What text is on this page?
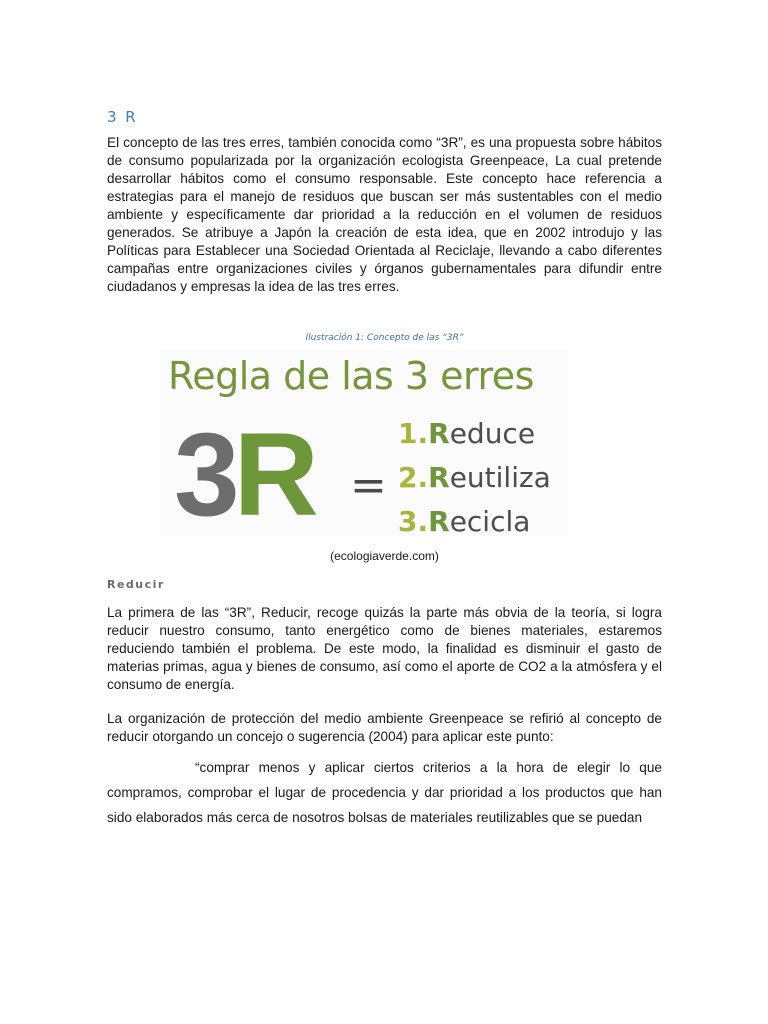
3 R

El concepto de las tres erres, también conocida como “3R”, es una propuesta sobre hábitos de consumo popularizada por la organización ecologista Greenpeace, La cual pretende desarrollar hábitos como el consumo responsable. Este concepto hace referencia a estrategias para el manejo de residuos que buscan ser más sustentables con el medio ambiente y específicamente dar prioridad a la reducción en el volumen de residuos generados. Se atribuye a Japón la creación de esta idea, que en 2002 introdujo y las Políticas para Establecer una Sociedad Orientada al Reciclaje, llevando a cabo diferentes campañas entre organizaciones civiles y órganos gubernamentales para difundir entre ciudadanos y empresas la idea de las tres erres.

Ilustración 1: Concepto de las “3R”

Regla de las 3 erres
3R =
1.Reduce
2.Reutiliza
3.Recicla

(ecologiaverde.com)

Reducir

La primera de las “3R”, Reducir, recoge quizás la parte más obvia de la teoría, si logra reducir nuestro consumo, tanto energético como de bienes materiales, estaremos reduciendo también el problema. De este modo, la finalidad es disminuir el gasto de materias primas, agua y bienes de consumo, así como el aporte de CO2 a la atmósfera y el consumo de energía.

La organización de protección del medio ambiente Greenpeace se refirió al concepto de reducir otorgando un concejo o sugerencia (2004) para aplicar este punto:

“comprar menos y aplicar ciertos criterios a la hora de elegir lo que compramos, comprobar el lugar de procedencia y dar prioridad a los productos que han sido elaborados más cerca de nosotros bolsas de materiales reutilizables que se puedan
